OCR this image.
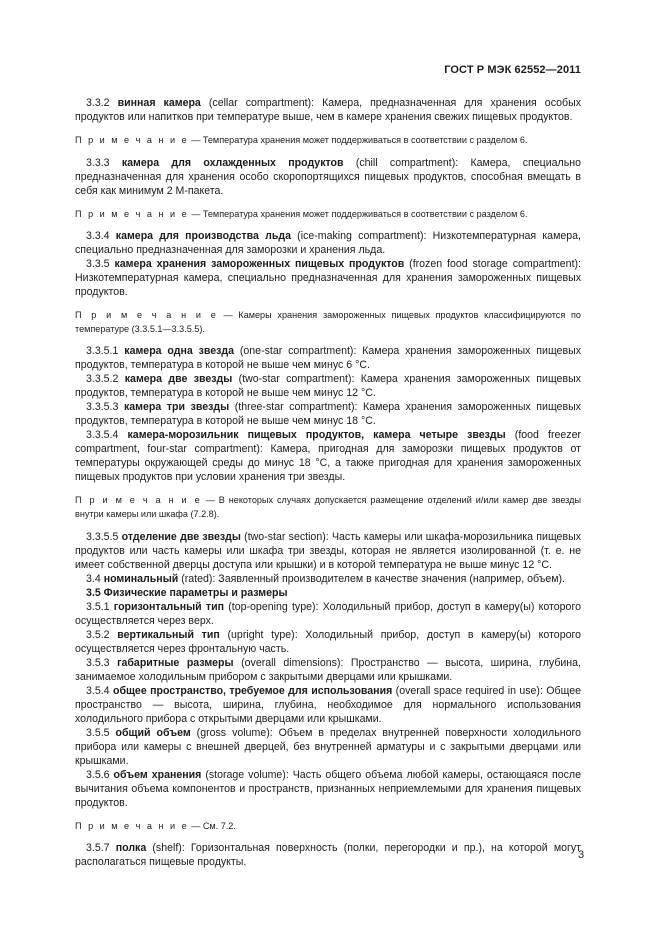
ГОСТ Р МЭК 62552—2011

3.3.2 винная камера (cellar compartment): Камера, предназначенная для хранения особых продуктов или напитков при температуре выше, чем в камере хранения свежих пищевых продуктов.

П р и м е ч а н и е — Температура хранения может поддерживаться в соответствии с разделом 6.

3.3.3 камера для охлажденных продуктов (chill compartment): Камера, специально предназначенная для хранения особо скоропортящихся пищевых продуктов, способная вмещать в себя как минимум 2 М-пакета.

П р и м е ч а н и е — Температура хранения может поддерживаться в соответствии с разделом 6.

3.3.4 камера для производства льда (ice-making compartment): Низкотемпературная камера, специально предназначенная для заморозки и хранения льда.

3.3.5 камера хранения замороженных пищевых продуктов (frozen food storage compartment): Низкотемпературная камера, специально предназначенная для хранения замороженных пищевых продуктов.

П р и м е ч а н и е — Камеры хранения замороженных пищевых продуктов классифицируются по температуре (3.3.5.1—3.3.5.5).

3.3.5.1 камера одна звезда (one-star compartment): Камера хранения замороженных пищевых продуктов, температура в которой не выше чем минус 6 °С.

3.3.5.2 камера две звезды (two-star compartment): Камера хранения замороженных пищевых продуктов, температура в которой не выше чем минус 12 °С.

3.3.5.3 камера три звезды (three-star compartment): Камера хранения замороженных пищевых продуктов, температура в которой не выше чем минус 18 °С.

3.3.5.4 камера-морозильник пищевых продуктов, камера четыре звезды (food freezer compartment, four-star compartment): Камера, пригодная для заморозки пищевых продуктов от температуры окружающей среды до минус 18 °С, а также пригодная для хранения замороженных пищевых продуктов при условии хранения три звезды.

П р и м е ч а н и е — В некоторых случаях допускается размещение отделений и/или камер две звезды внутри камеры или шкафа (7.2.8).

3.3.5.5 отделение две звезды (two-star section): Часть камеры или шкафа-морозильника пищевых продуктов или часть камеры или шкафа три звезды, которая не является изолированной (т. е. не имеет собственной дверцы доступа или крышки) и в которой температура не выше минус 12 °С.

3.4 номинальный (rated): Заявленный производителем в качестве значения (например, объем).

3.5 Физические параметры и размеры

3.5.1 горизонтальный тип (top-opening type): Холодильный прибор, доступ в камеру(ы) которого осуществляется через верх.

3.5.2 вертикальный тип (upright type): Холодильный прибор, доступ в камеру(ы) которого осуществляется через фронтальную часть.

3.5.3 габаритные размеры (overall dimensions): Пространство — высота, ширина, глубина, занимаемое холодильным прибором с закрытыми дверцами или крышками.

3.5.4 общее пространство, требуемое для использования (overall space required in use): Общее пространство — высота, ширина, глубина, необходимое для нормального использования холодильного прибора с открытыми дверцами или крышками.

3.5.5 общий объем (gross volume): Объем в пределах внутренней поверхности холодильного прибора или камеры с внешней дверцей, без внутренней арматуры и с закрытыми дверцами или крышками.

3.5.6 объем хранения (storage volume): Часть общего объема любой камеры, остающаяся после вычитания объема компонентов и пространств, признанных неприемлемыми для хранения пищевых продуктов.

П р и м е ч а н и е — См. 7.2.

3.5.7 полка (shelf): Горизонтальная поверхность (полки, перегородки и пр.), на которой могут располагаться пищевые продукты.

3
